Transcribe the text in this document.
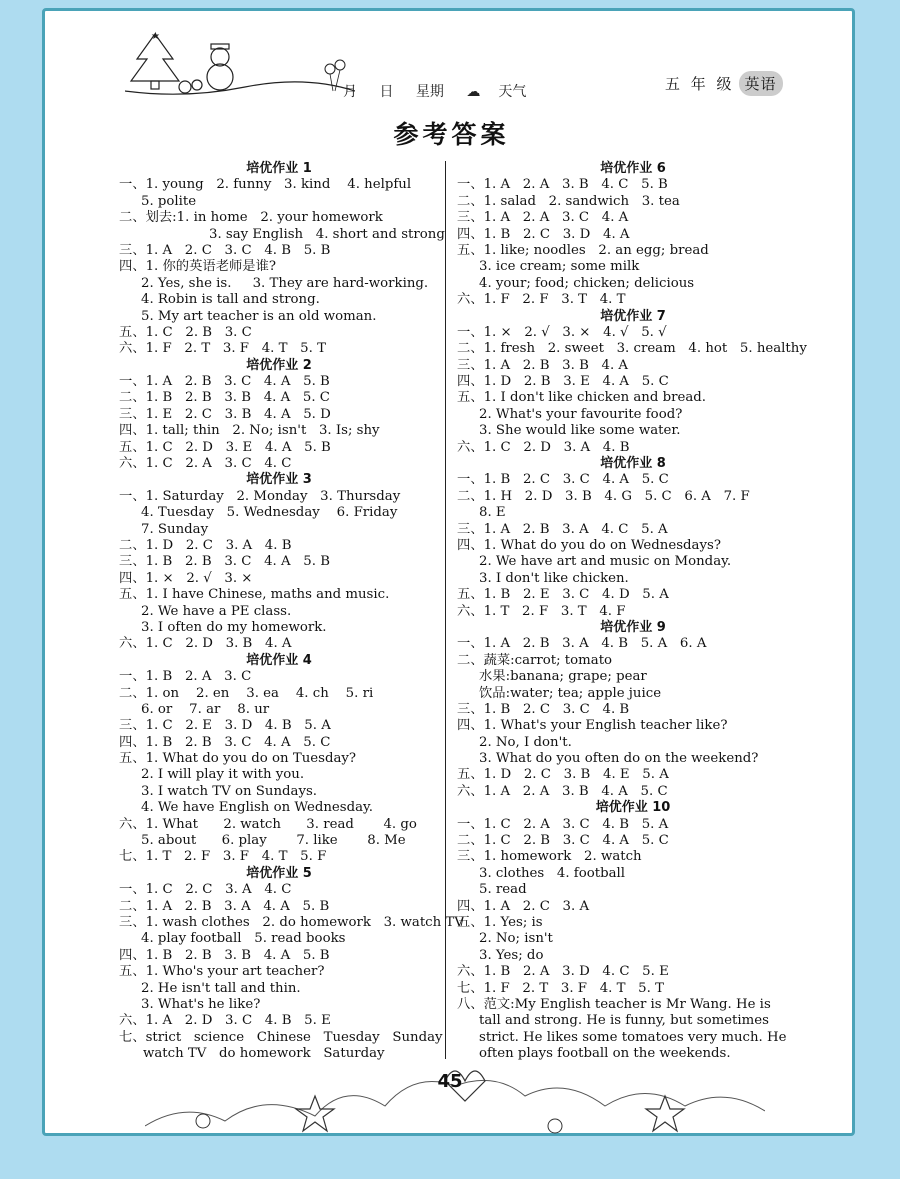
★
月 日 星期 ☁ 天气	五 年 级 英语
参考答案
培优作业 1
一、1. young   2. funny   3. kind    4. helpful
5. polite
二、划去:1. in home   2. your homework
3. say English   4. short and strong
三、1. A   2. C   3. C   4. B   5. B
四、1. 你的英语老师是谁?
2. Yes, she is.     3. They are hard-working.
4. Robin is tall and strong.
5. My art teacher is an old woman.
五、1. C   2. B   3. C
六、1. F   2. T   3. F   4. T   5. T
培优作业 2
一、1. A   2. B   3. C   4. A   5. B
二、1. B   2. B   3. B   4. A   5. C
三、1. E   2. C   3. B   4. A   5. D
四、1. tall; thin   2. No; isn't   3. Is; shy
五、1. C   2. D   3. E   4. A   5. B
六、1. C   2. A   3. C   4. C
培优作业 3
一、1. Saturday   2. Monday   3. Thursday
4. Tuesday   5. Wednesday    6. Friday
7. Sunday
二、1. D   2. C   3. A   4. B
三、1. B   2. B   3. C   4. A   5. B
四、1. ×   2. √   3. ×
五、1. I have Chinese, maths and music.
2. We have a PE class.
3. I often do my homework.
六、1. C   2. D   3. B   4. A
培优作业 4
一、1. B   2. A   3. C
二、1. on    2. en    3. ea    4. ch    5. ri
6. or    7. ar    8. ur
三、1. C   2. E   3. D   4. B   5. A
四、1. B   2. B   3. C   4. A   5. C
五、1. What do you do on Tuesday?
2. I will play it with you.
3. I watch TV on Sundays.
4. We have English on Wednesday.
六、1. What      2. watch      3. read       4. go
5. about      6. play       7. like       8. Me
七、1. T   2. F   3. F   4. T   5. F
培优作业 5
一、1. C   2. C   3. A   4. C
二、1. A   2. B   3. A   4. A   5. B
三、1. wash clothes   2. do homework   3. watch TV
4. play football   5. read books
四、1. B   2. B   3. B   4. A   5. B
五、1. Who's your art teacher?
2. He isn't tall and thin.
3. What's he like?
六、1. A   2. D   3. C   4. B   5. E
七、strict   science   Chinese   Tuesday   Sunday
watch TV   do homework   Saturday
培优作业 6
一、1. A   2. A   3. B   4. C   5. B
二、1. salad   2. sandwich   3. tea
三、1. A   2. A   3. C   4. A
四、1. B   2. C   3. D   4. A
五、1. like; noodles   2. an egg; bread
3. ice cream; some milk
4. your; food; chicken; delicious
六、1. F   2. F   3. T   4. T
培优作业 7
一、1. ×   2. √   3. ×   4. √   5. √
二、1. fresh   2. sweet   3. cream   4. hot   5. healthy
三、1. A   2. B   3. B   4. A
四、1. D   2. B   3. E   4. A   5. C
五、1. I don't like chicken and bread.
2. What's your favourite food?
3. She would like some water.
六、1. C   2. D   3. A   4. B
培优作业 8
一、1. B   2. C   3. C   4. A   5. C
二、1. H   2. D   3. B   4. G   5. C   6. A   7. F
8. E
三、1. A   2. B   3. A   4. C   5. A
四、1. What do you do on Wednesdays?
2. We have art and music on Monday.
3. I don't like chicken.
五、1. B   2. E   3. C   4. D   5. A
六、1. T   2. F   3. T   4. F
培优作业 9
一、1. A   2. B   3. A   4. B   5. A   6. A
二、蔬菜:carrot; tomato
水果:banana; grape; pear
饮品:water; tea; apple juice
三、1. B   2. C   3. C   4. B
四、1. What's your English teacher like?
2. No, I don't.
3. What do you often do on the weekend?
五、1. D   2. C   3. B   4. E   5. A
六、1. A   2. A   3. B   4. A   5. C
培优作业 10
一、1. C   2. A   3. C   4. B   5. A
二、1. C   2. B   3. C   4. A   5. C
三、1. homework   2. watch
3. clothes   4. football
5. read
四、1. A   2. C   3. A
五、1. Yes; is
2. No; isn't
3. Yes; do
六、1. B   2. A   3. D   4. C   5. E
七、1. F   2. T   3. F   4. T   5. T
八、范文:My English teacher is Mr Wang. He is
tall and strong. He is funny, but sometimes
strict. He likes some tomatoes very much. He
often plays football on the weekends.
45
